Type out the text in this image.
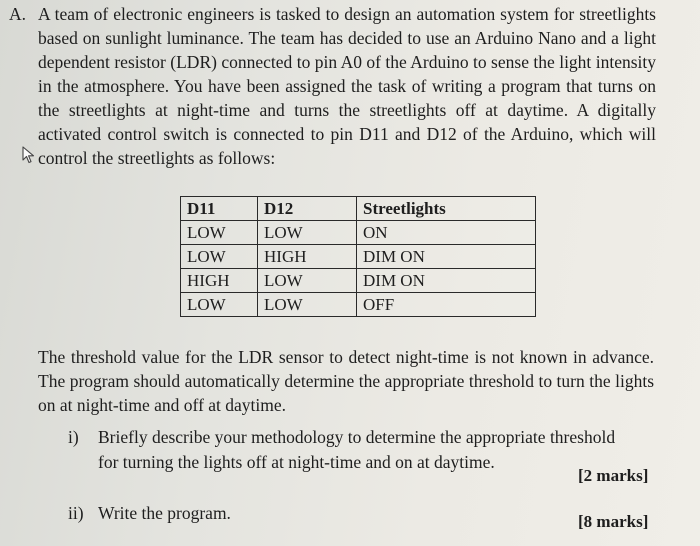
A. A team of electronic engineers is tasked to design an automation system for streetlights based on sunlight luminance. The team has decided to use an Arduino Nano and a light dependent resistor (LDR) connected to pin A0 of the Arduino to sense the light intensity in the atmosphere. You have been assigned the task of writing a program that turns on the streetlights at night-time and turns the streetlights off at daytime. A digitally activated control switch is connected to pin D11 and D12 of the Arduino, which will control the streetlights as follows:

D11	D12	Streetlights
LOW	LOW	ON
LOW	HIGH	DIM ON
HIGH	LOW	DIM ON
LOW	LOW	OFF

The threshold value for the LDR sensor to detect night-time is not known in advance. The program should automatically determine the appropriate threshold to turn the lights on at night-time and off at daytime.

i) Briefly describe your methodology to determine the appropriate threshold
for turning the lights off at night-time and on at daytime.
[2 marks]
ii) Write the program.	[8 marks]
